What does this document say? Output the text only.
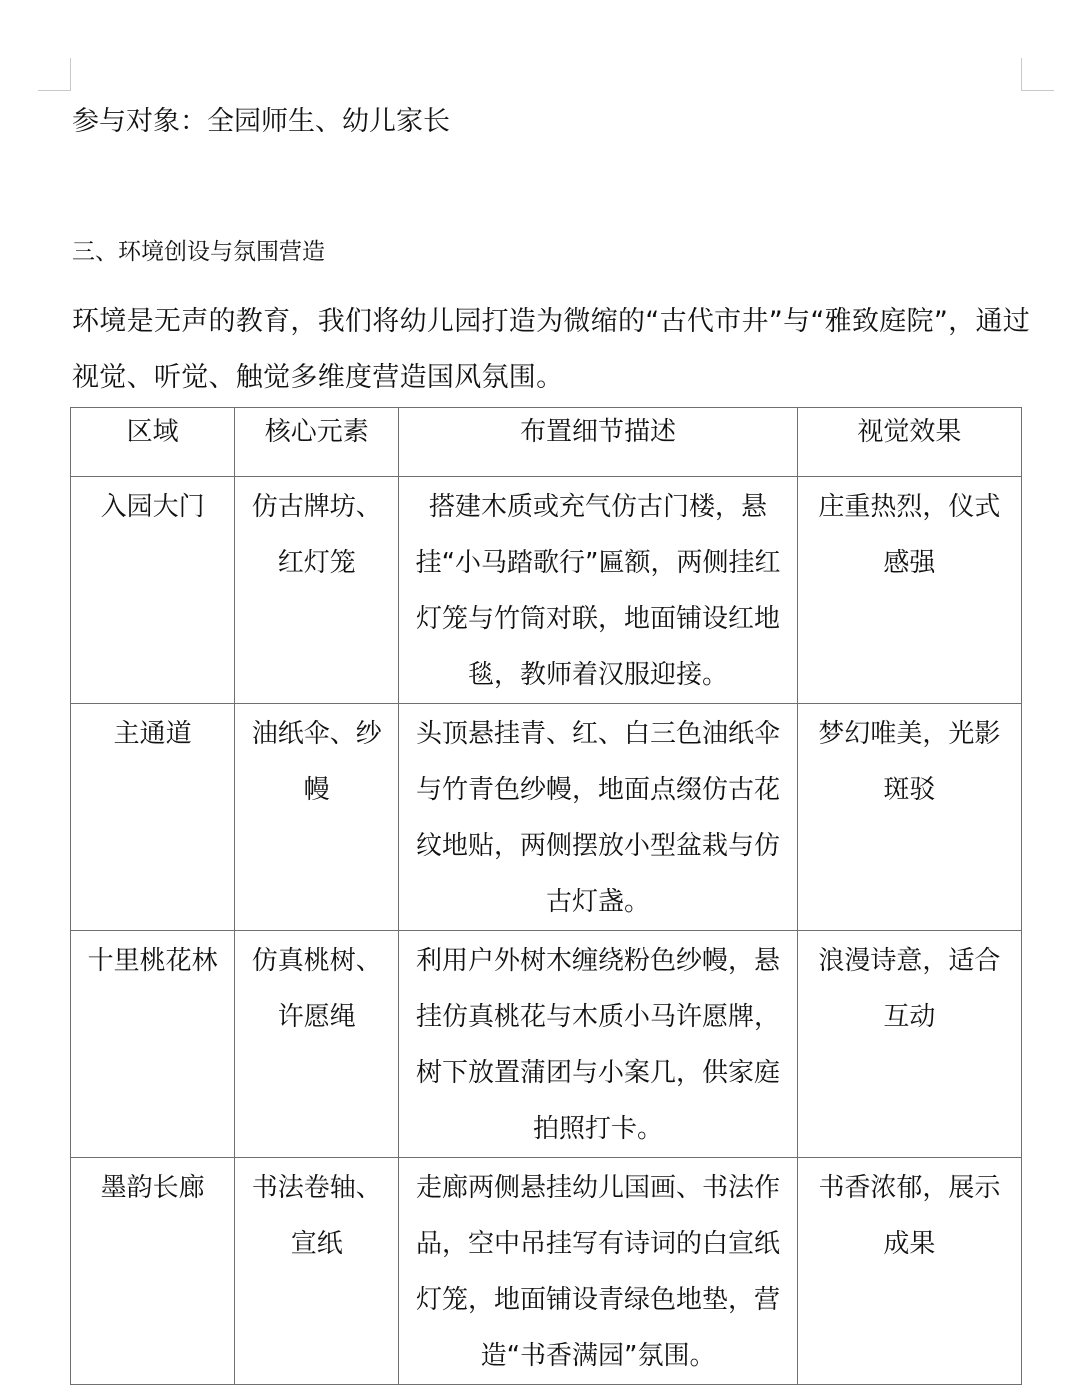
参与对象：全园师生、幼儿家长

三、环境创设与氛围营造

环境是无声的教育，我们将幼儿园打造为微缩的“古代市井”与“雅致庭院”，通过视觉、听觉、触觉多维度营造国风氛围。

区域	核心元素	布置细节描述	视觉效果
入园大门	仿古牌坊、红灯笼	搭建木质或充气仿古门楼，悬挂“小马踏歌行”匾额，两侧挂红灯笼与竹筒对联，地面铺设红地毯，教师着汉服迎接。	庄重热烈，仪式感强
主通道	油纸伞、纱幔	头顶悬挂青、红、白三色油纸伞与竹青色纱幔，地面点缀仿古花纹地贴，两侧摆放小型盆栽与仿古灯盏。	梦幻唯美，光影斑驳
十里桃花林	仿真桃树、许愿绳	利用户外树木缠绕粉色纱幔，悬挂仿真桃花与木质小马许愿牌，树下放置蒲团与小案几，供家庭拍照打卡。	浪漫诗意，适合互动
墨韵长廊	书法卷轴、宣纸	走廊两侧悬挂幼儿国画、书法作品，空中吊挂写有诗词的白宣纸灯笼，地面铺设青绿色地垫，营造“书香满园”氛围。	书香浓郁，展示成果
